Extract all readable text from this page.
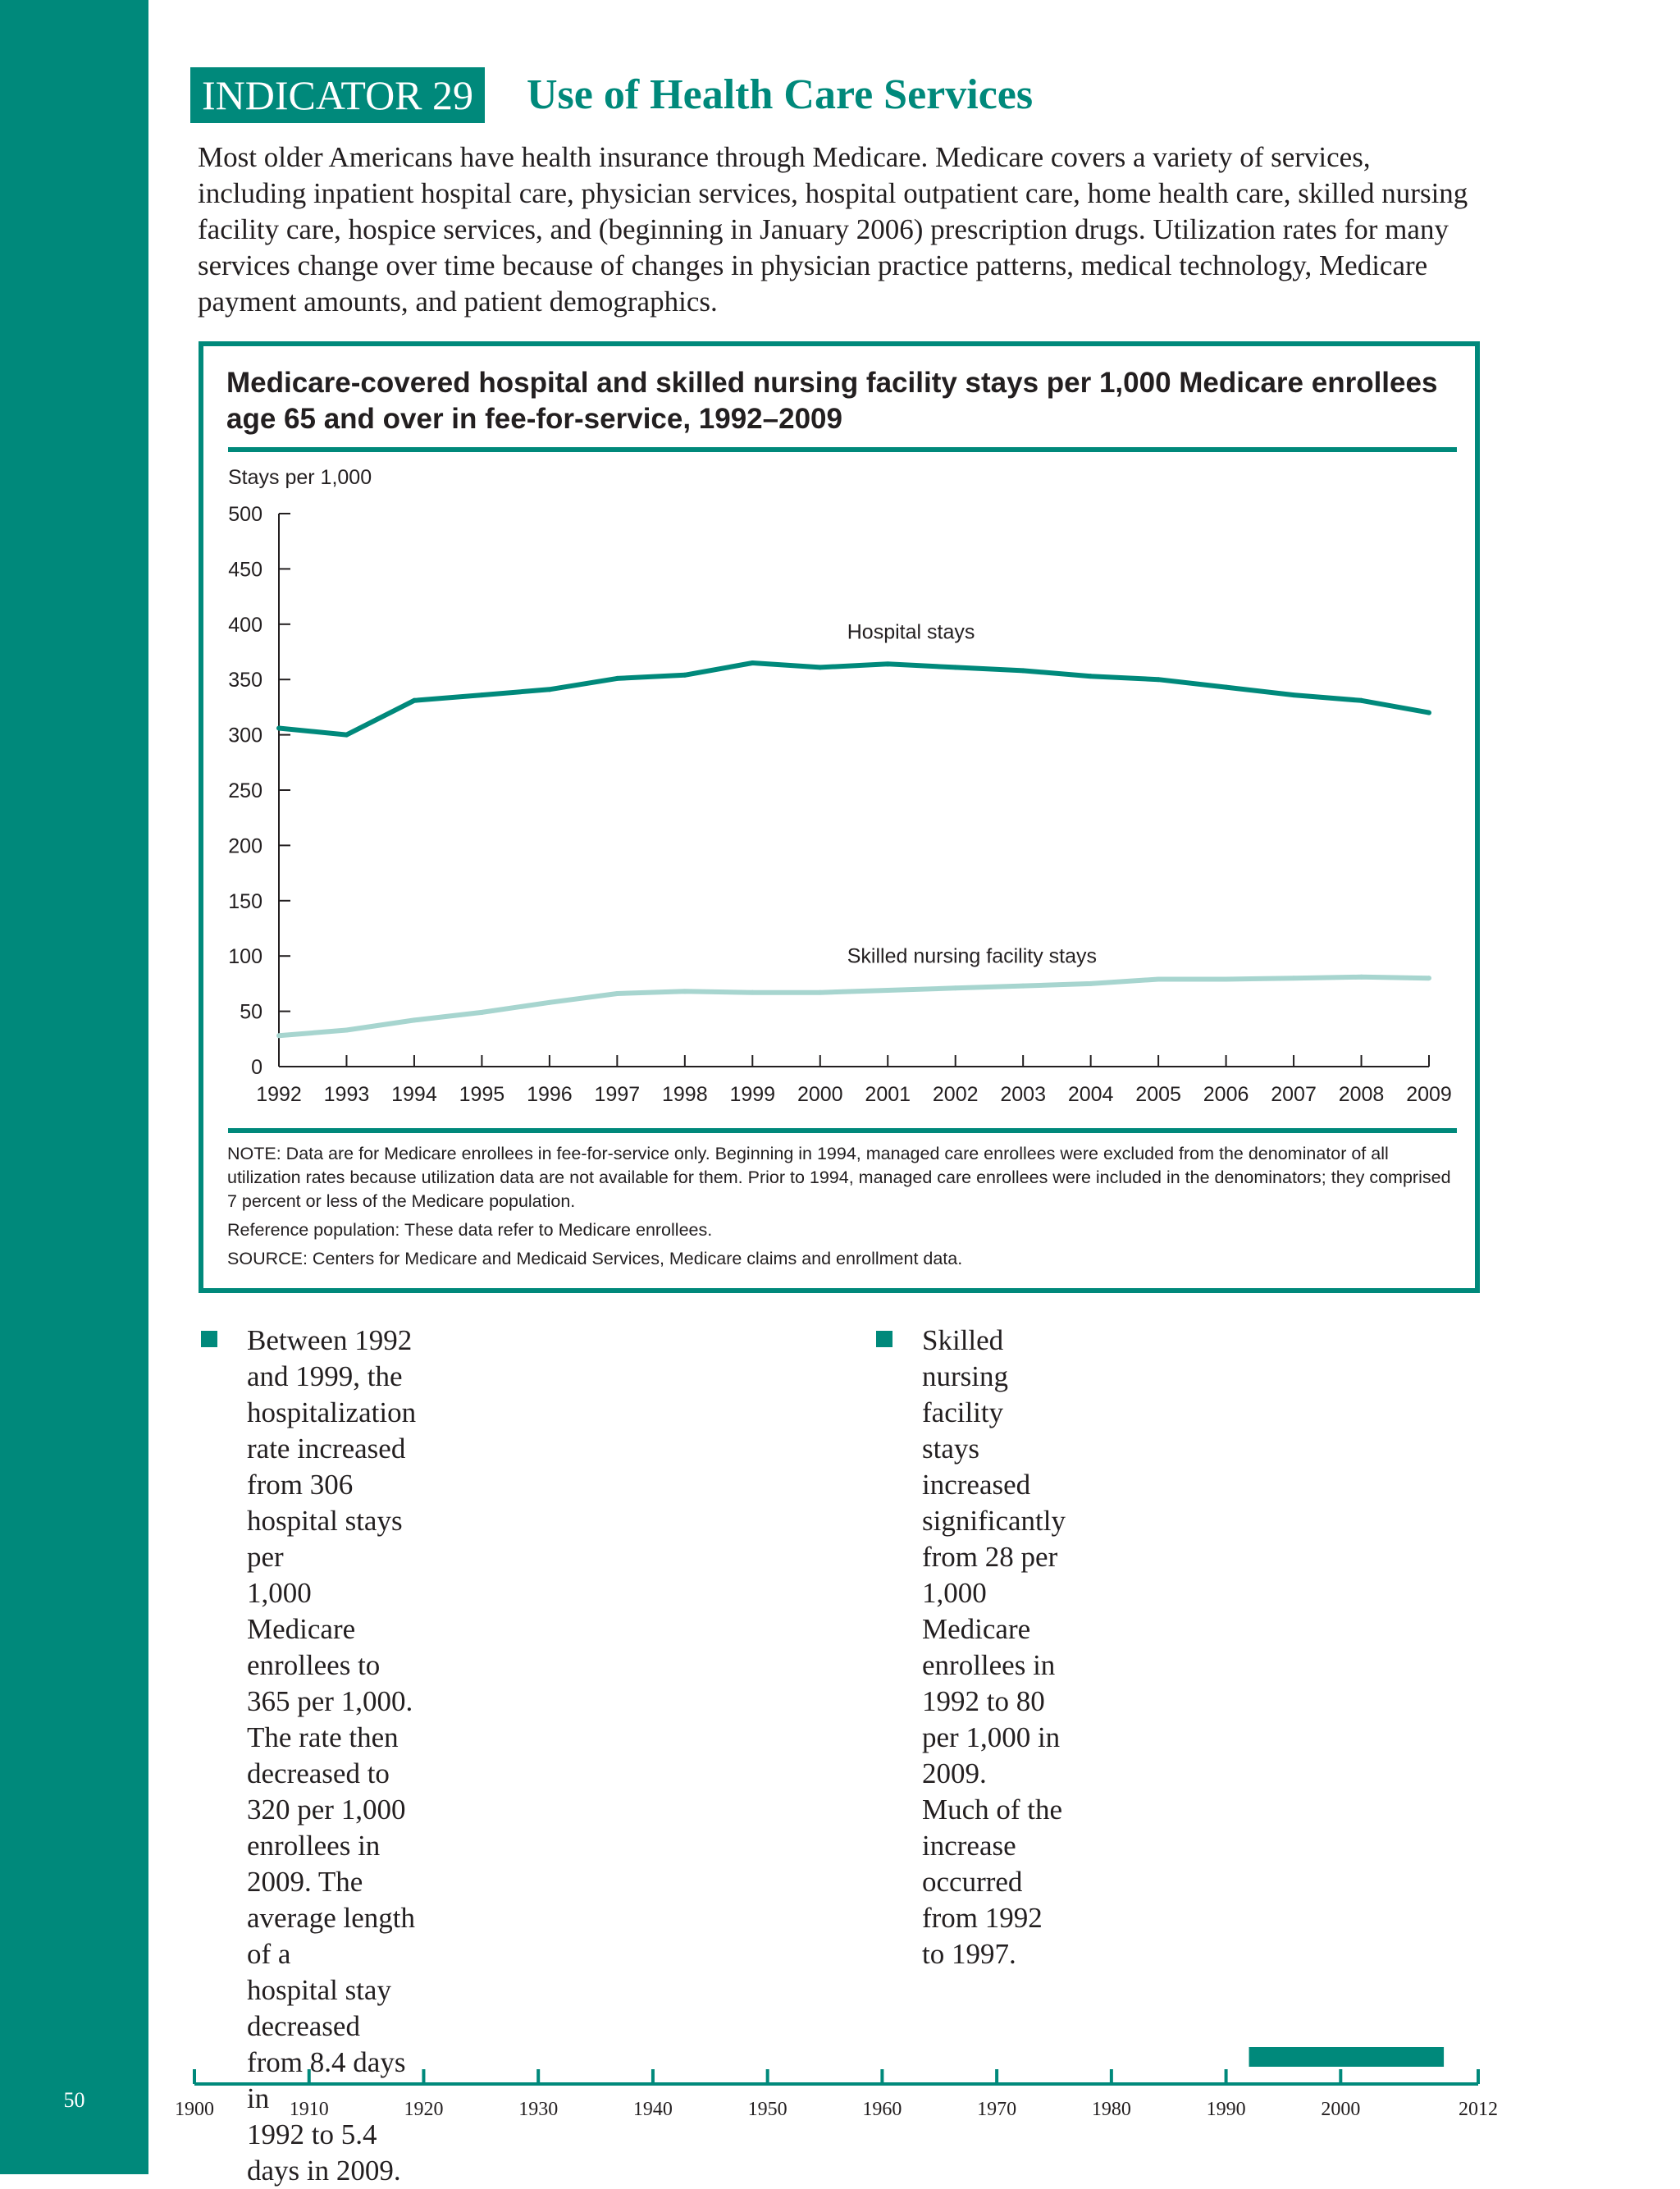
50
INDICATOR 29 Use of Health Care Services

Most older Americans have health insurance through Medicare. Medicare covers a variety of services, including inpatient hospital care, physician services, hospital outpatient care, home health care, skilled nursing facility care, hospice services, and (beginning in January 2006) prescription drugs. Utilization rates for many services change over time because of changes in physician practice patterns, medical technology, Medicare payment amounts, and patient demographics.

Medicare-covered hospital and skilled nursing facility stays per 1,000 Medicare enrollees age 65 and over in fee-for-service, 1992–2009

Stays per 1,000
0
50
100
150
200
250
300
350
400
450
500
1992 1993 1994 1995 1996 1997 1998 1999 2000 2001 2002 2003 2004 2005 2006 2007 2008 2009
Hospital stays
Skilled nursing facility stays

NOTE: Data are for Medicare enrollees in fee-for-service only. Beginning in 1994, managed care enrollees were excluded from the denominator of all utilization rates because utilization data are not available for them. Prior to 1994, managed care enrollees were included in the denominators; they comprised 7 percent or less of the Medicare population.

Reference population: These data refer to Medicare enrollees.

SOURCE: Centers for Medicare and Medicaid Services, Medicare claims and enrollment data.

Between 1992 and 1999, the hospitalization
rate increased from 306 hospital stays per
1,000 Medicare enrollees to 365 per 1,000.
The rate then decreased to 320 per 1,000
enrollees in 2009. The average length of a
hospital stay decreased from 8.4 days in
1992 to 5.4 days in 2009.
Skilled nursing facility stays increased
significantly from 28 per 1,000 Medicare
enrollees in 1992 to 80 per 1,000 in 2009.
Much of the increase occurred from 1992
to 1997.
1900	1910	1920	1930	1940	1950	1960	1970	1980	1990	2000	2012
